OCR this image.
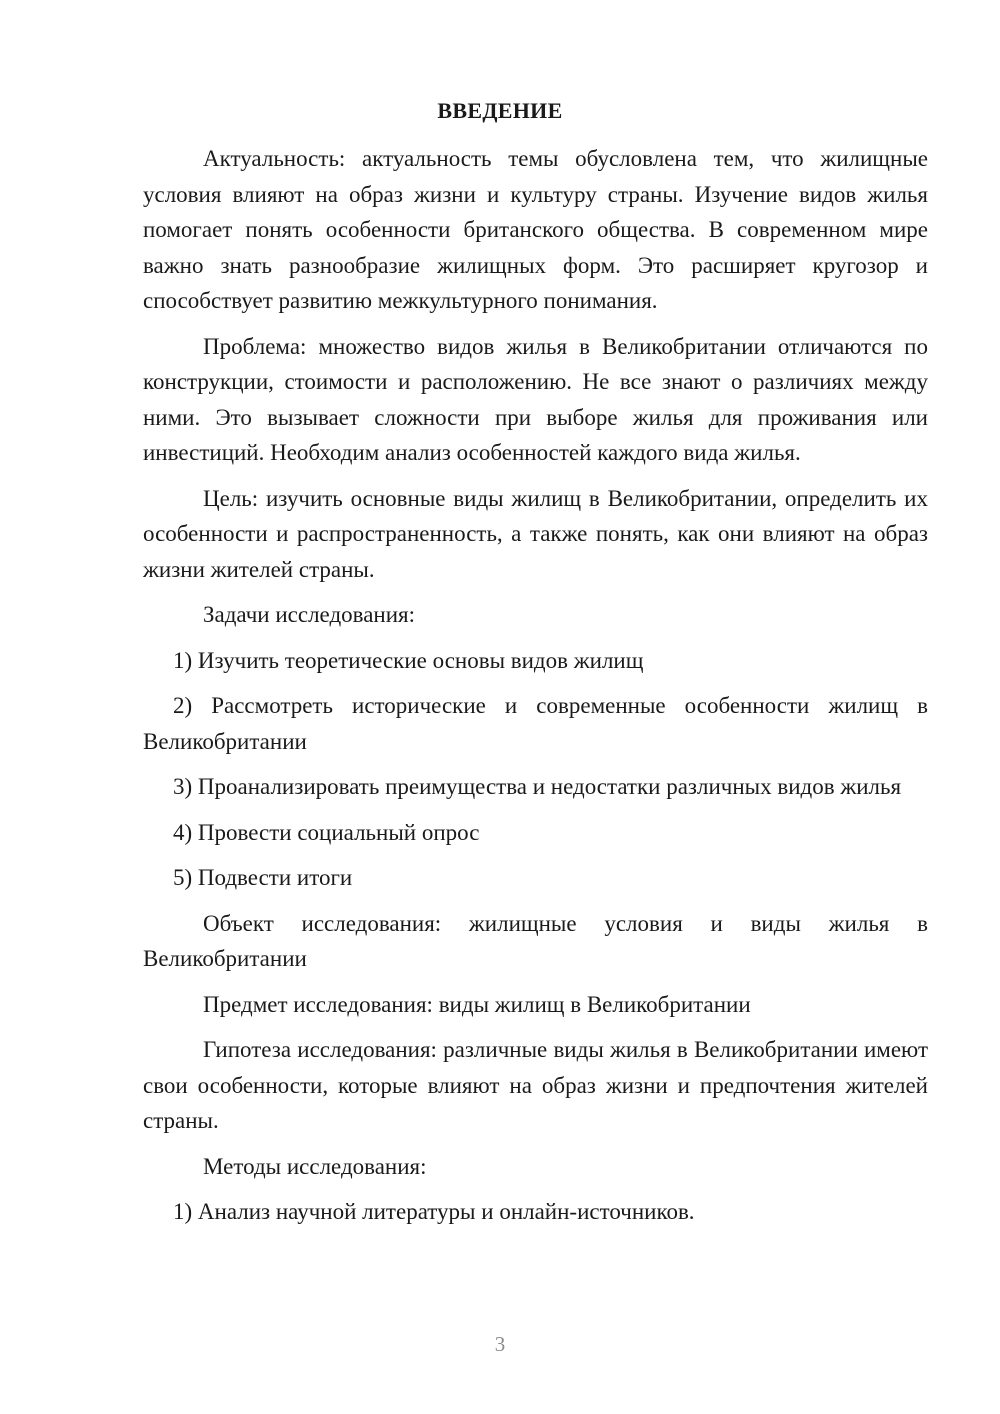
ВВЕДЕНИЕ

Актуальность: актуальность темы обусловлена тем, что жилищные условия влияют на образ жизни и культуру страны. Изучение видов жилья помогает понять особенности британского общества. В современном мире важно знать разнообразие жилищных форм. Это расширяет кругозор и способствует развитию межкультурного понимания.

Проблема: множество видов жилья в Великобритании отличаются по конструкции, стоимости и расположению. Не все знают о различиях между ними. Это вызывает сложности при выборе жилья для проживания или инвестиций. Необходим анализ особенностей каждого вида жилья.

Цель: изучить основные виды жилищ в Великобритании, определить их особенности и распространенность, а также понять, как они влияют на образ жизни жителей страны.

Задачи исследования:

1) Изучить теоретические основы видов жилищ

2) Рассмотреть исторические и современные особенности жилищ в Великобритании

3) Проанализировать преимущества и недостатки различных видов жилья

4) Провести социальный опрос

5) Подвести итоги

Объект исследования: жилищные условия и виды жилья в Великобритании

Предмет исследования: виды жилищ в Великобритании

Гипотеза исследования: различные виды жилья в Великобритании имеют свои особенности, которые влияют на образ жизни и предпочтения жителей страны.

Методы исследования:

1) Анализ научной литературы и онлайн-источников.

3
